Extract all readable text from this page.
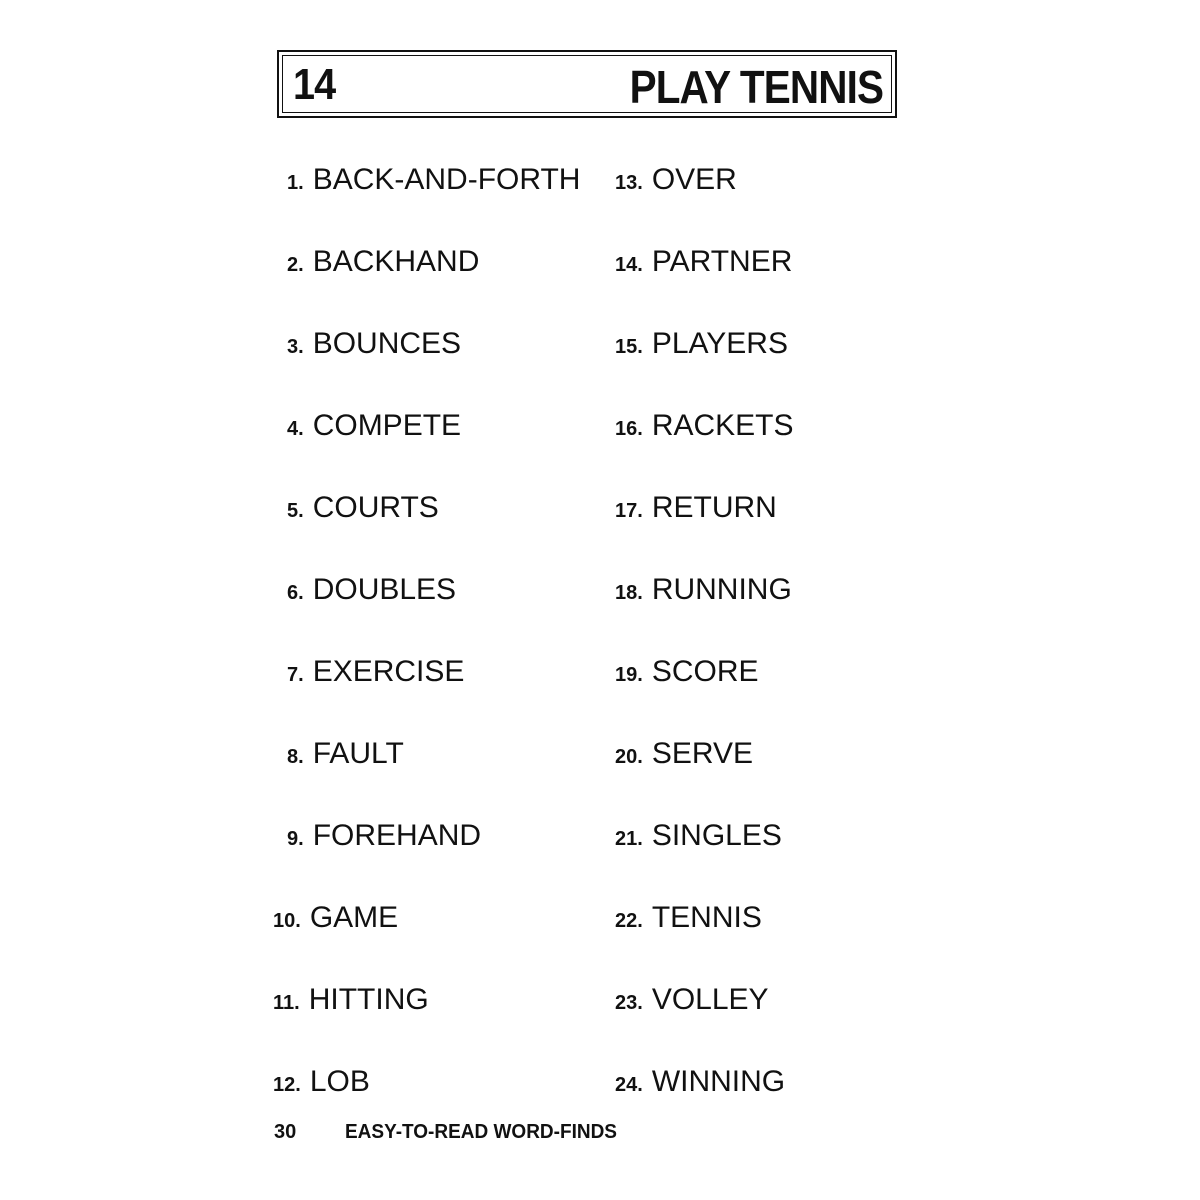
14	PLAY TENNIS
1. BACK-AND-FORTH
2. BACKHAND
3. BOUNCES
4. COMPETE
5. COURTS
6. DOUBLES
7. EXERCISE
8. FAULT
9. FOREHAND
10. GAME
11. HITTING
12. LOB
13. OVER
14. PARTNER
15. PLAYERS
16. RACKETS
17. RETURN
18. RUNNING
19. SCORE
20. SERVE
21. SINGLES
22. TENNIS
23. VOLLEY
24. WINNING
30 EASY-TO-READ WORD-FINDS
